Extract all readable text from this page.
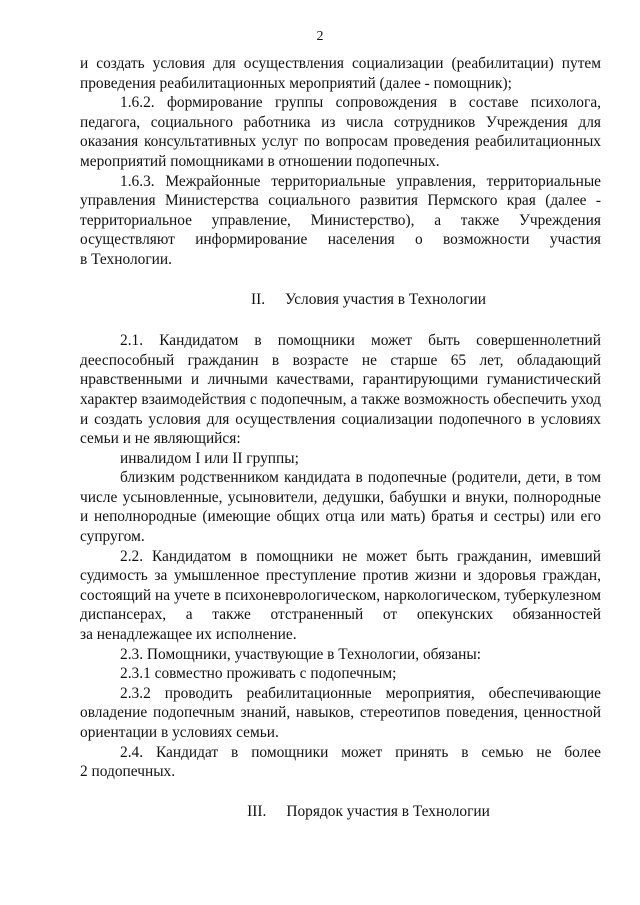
2
и создать условия для осуществления социализации (реабилитации) путем
проведения реабилитационных мероприятий (далее - помощник);
1.6.2. формирование группы сопровождения в составе психолога,
педагога, социального работника из числа сотрудников Учреждения для
оказания консультативных услуг по вопросам проведения реабилитационных
мероприятий помощниками в отношении подопечных.
1.6.3. Межрайонные территориальные управления, территориальные
управления Министерства социального развития Пермского края (далее -
территориальное управление, Министерство), а также Учреждения
осуществляют информирование населения о возможности участия
в Технологии.
II. Условия участия в Технологии
2.1. Кандидатом в помощники может быть совершеннолетний
дееспособный гражданин в возрасте не старше 65 лет, обладающий
нравственными и личными качествами, гарантирующими гуманистический
характер взаимодействия с подопечным, а также возможность обеспечить уход
и создать условия для осуществления социализации подопечного в условиях
семьи и не являющийся:
инвалидом I или II группы;
близким родственником кандидата в подопечные (родители, дети, в том
числе усыновленные, усыновители, дедушки, бабушки и внуки, полнородные
и неполнородные (имеющие общих отца или мать) братья и сестры) или его
супругом.
2.2. Кандидатом в помощники не может быть гражданин, имевший
судимость за умышленное преступление против жизни и здоровья граждан,
состоящий на учете в психоневрологическом, наркологическом, туберкулезном
диспансерах, а также отстраненный от опекунских обязанностей
за ненадлежащее их исполнение.
2.3. Помощники, участвующие в Технологии, обязаны:
2.3.1 совместно проживать с подопечным;
2.3.2 проводить реабилитационные мероприятия, обеспечивающие
овладение подопечным знаний, навыков, стереотипов поведения, ценностной
ориентации в условиях семьи.
2.4. Кандидат в помощники может принять в семью не более
2 подопечных.
III. Порядок участия в Технологии
